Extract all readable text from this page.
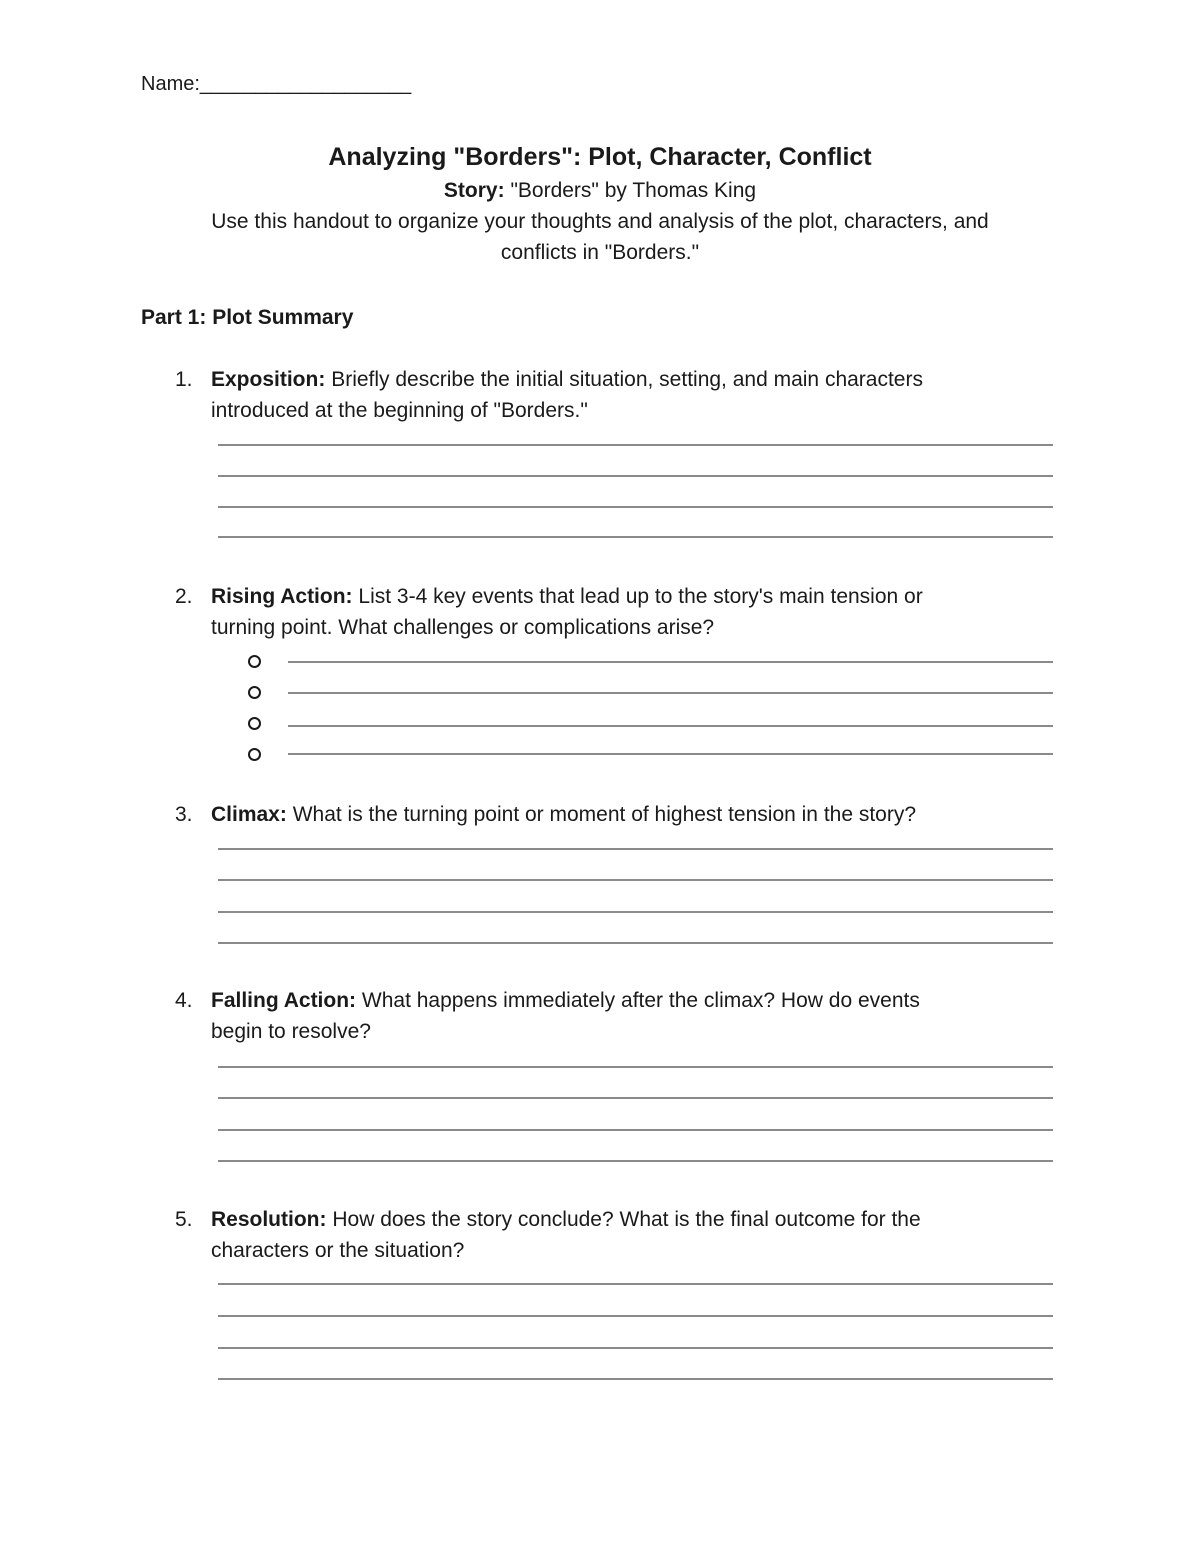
Name:___________________
Analyzing "Borders": Plot, Character, Conflict
Story: "Borders" by Thomas King
Use this handout to organize your thoughts and analysis of the plot, characters, and
conflicts in "Borders."
Part 1: Plot Summary
1. Exposition: Briefly describe the initial situation, setting, and main characters
introduced at the beginning of "Borders."
2. Rising Action: List 3-4 key events that lead up to the story's main tension or
turning point. What challenges or complications arise?
3. Climax: What is the turning point or moment of highest tension in the story?
4. Falling Action: What happens immediately after the climax? How do events
begin to resolve?
5. Resolution: How does the story conclude? What is the final outcome for the
characters or the situation?
